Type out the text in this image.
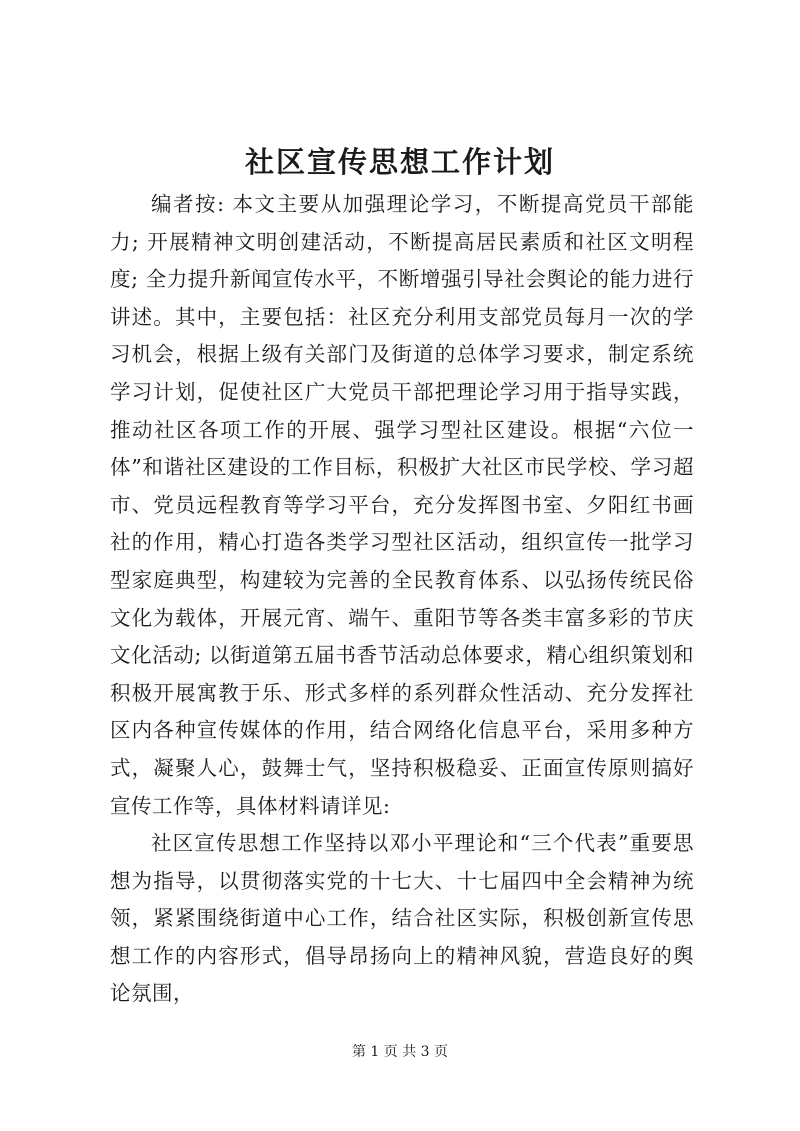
社区宣传思想工作计划

编者按: 本文主要从加强理论学习，不断提高党员干部能力; 开展精神文明创建活动，不断提高居民素质和社区文明程度; 全力提升新闻宣传水平，不断增强引导社会舆论的能力进行讲述。其中，主要包括：社区充分利用支部党员每月一次的学习机会，根据上级有关部门及街道的总体学习要求，制定系统学习计划，促使社区广大党员干部把理论学习用于指导实践，推动社区各项工作的开展、强学习型社区建设。根据“六位一体”和谐社区建设的工作目标，积极扩大社区市民学校、学习超市、党员远程教育等学习平台，充分发挥图书室、夕阳红书画社的作用，精心打造各类学习型社区活动，组织宣传一批学习型家庭典型，构建较为完善的全民教育体系、以弘扬传统民俗文化为载体，开展元宵、端午、重阳节等各类丰富多彩的节庆文化活动; 以街道第五届书香节活动总体要求，精心组织策划和积极开展寓教于乐、形式多样的系列群众性活动、充分发挥社区内各种宣传媒体的作用，结合网络化信息平台，采用多种方式，凝聚人心，鼓舞士气，坚持积极稳妥、正面宣传原则搞好宣传工作等，具体材料请详见:

社区宣传思想工作坚持以邓小平理论和“三个代表”重要思想为指导，以贯彻落实党的十七大、十七届四中全会精神为统领，紧紧围绕街道中心工作，结合社区实际，积极创新宣传思想工作的内容形式，倡导昂扬向上的精神风貌，营造良好的舆论氛围，

第 1 页 共 3 页
